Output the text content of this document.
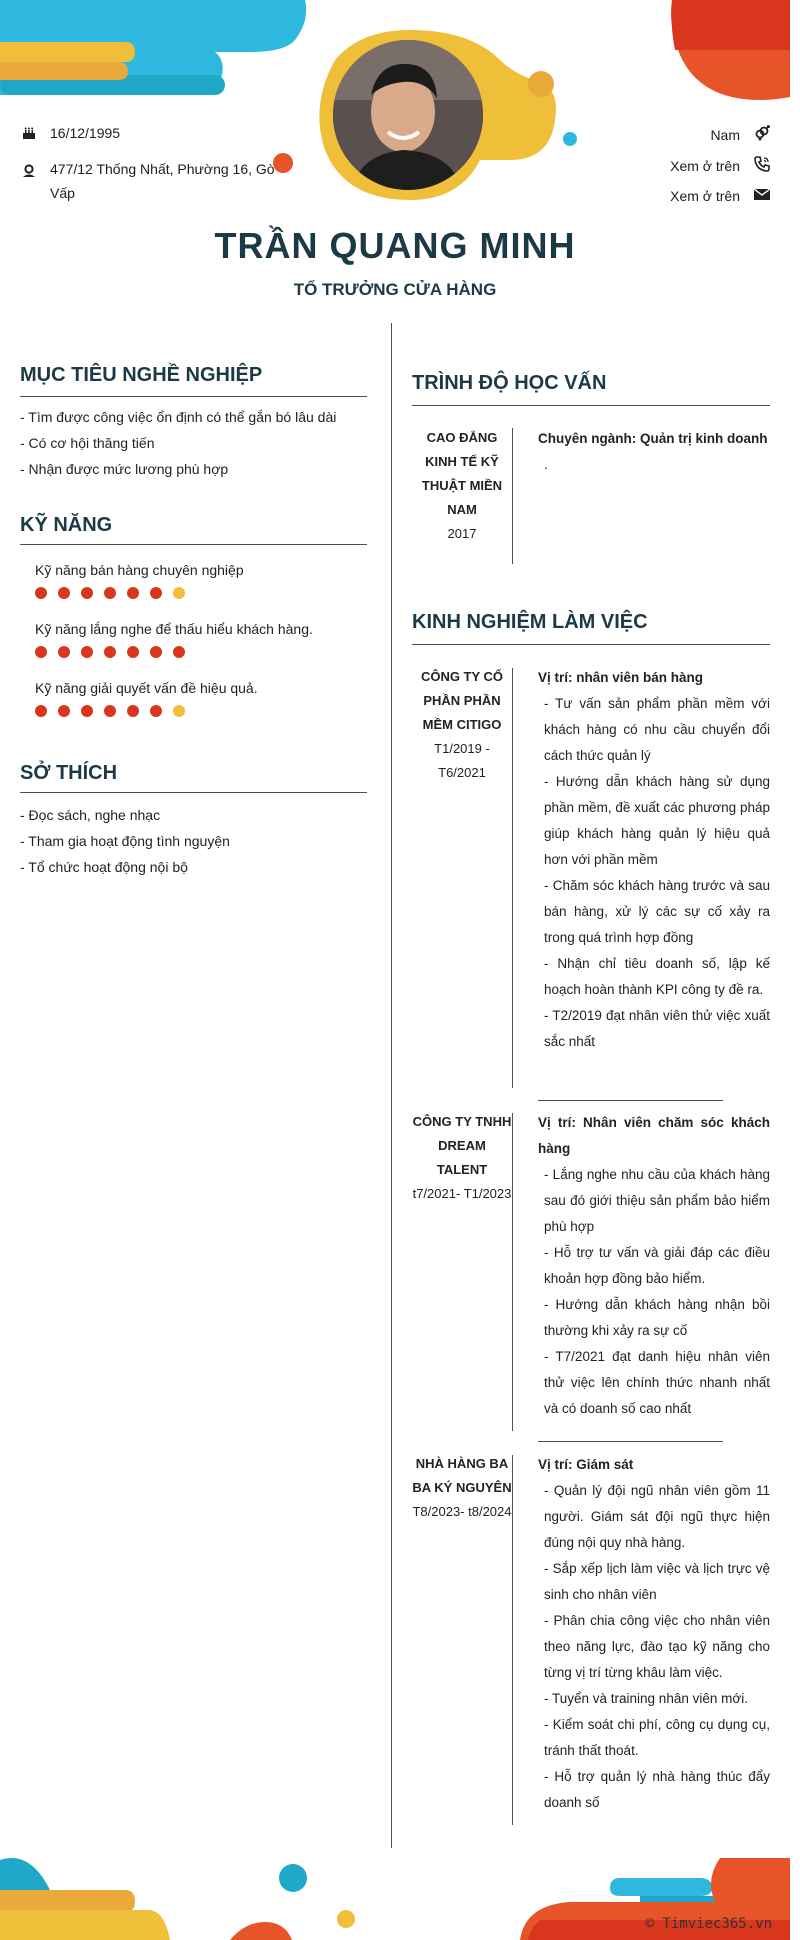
16/12/1995
477/12 Thống Nhất, Phường 16, Gò
Vấp
Nam
Xem ở trên
Xem ở trên
TRẦN QUANG MINH
TỔ TRƯỞNG CỬA HÀNG
MỤC TIÊU NGHỀ NGHIỆP
- Tìm được công việc ổn định có thể gắn bó lâu dài
- Có cơ hội thăng tiến
- Nhận được mức lương phù hợp
KỸ NĂNG
Kỹ năng bán hàng chuyên nghiệp
Kỹ năng lắng nghe để thấu hiểu khách hàng.
Kỹ năng giải quyết vấn đề hiệu quả.
SỞ THÍCH
- Đọc sách, nghe nhạc
- Tham gia hoạt động tình nguyện
- Tổ chức hoạt động nội bộ
TRÌNH ĐỘ HỌC VẤN
CAO ĐẲNG KINH TẾ KỸ THUẬT MIỀN NAM
2017
Chuyên ngành: Quản trị kinh doanh
.
KINH NGHIỆM LÀM VIỆC
CÔNG TY CỔ PHẦN PHẦN MỀM CITIGO
T1/2019 - T6/2021
Vị trí: nhân viên bán hàng
- Tư vấn sản phẩm phần mềm với khách hàng có nhu cầu chuyển đổi cách thức quản lý
- Hướng dẫn khách hàng sử dụng phần mềm, đề xuất các phương pháp giúp khách hàng quản lý hiệu quả hơn với phần mềm
- Chăm sóc khách hàng trước và sau bán hàng, xử lý các sự cố xảy ra trong quá trình hợp đồng
- Nhận chỉ tiêu doanh số, lập kế hoạch hoàn thành KPI công ty đề ra.
- T2/2019 đạt nhân viên thử việc xuất sắc nhất
CÔNG TY TNHH DREAM TALENT
t7/2021- T1/2023
Vị trí: Nhân viên chăm sóc khách hàng
- Lắng nghe nhu cầu của khách hàng sau đó giới thiệu sản phẩm bảo hiểm phù hợp
- Hỗ trợ tư vấn và giải đáp các điều khoản hợp đồng bảo hiểm.
- Hướng dẫn khách hàng nhận bồi thường khi xảy ra sự cố
- T7/2021 đạt danh hiệu nhân viên thử việc lên chính thức nhanh nhất và có doanh số cao nhất
NHÀ HÀNG BA BA KÝ NGUYÊN
T8/2023- t8/2024
Vị trí: Giám sát
- Quản lý đội ngũ nhân viên gồm 11 người. Giám sát đội ngũ thực hiện đúng nội quy nhà hàng.
- Sắp xếp lịch làm việc và lịch trực vệ sinh cho nhân viên
- Phân chia công việc cho nhân viên theo năng lực, đào tạo kỹ năng cho từng vị trí từng khâu làm việc.
- Tuyển và training nhân viên mới.
- Kiểm soát chi phí, công cụ dụng cụ, tránh thất thoát.
- Hỗ trợ quản lý nhà hàng thúc đẩy doanh số
© Timviec365.vn
